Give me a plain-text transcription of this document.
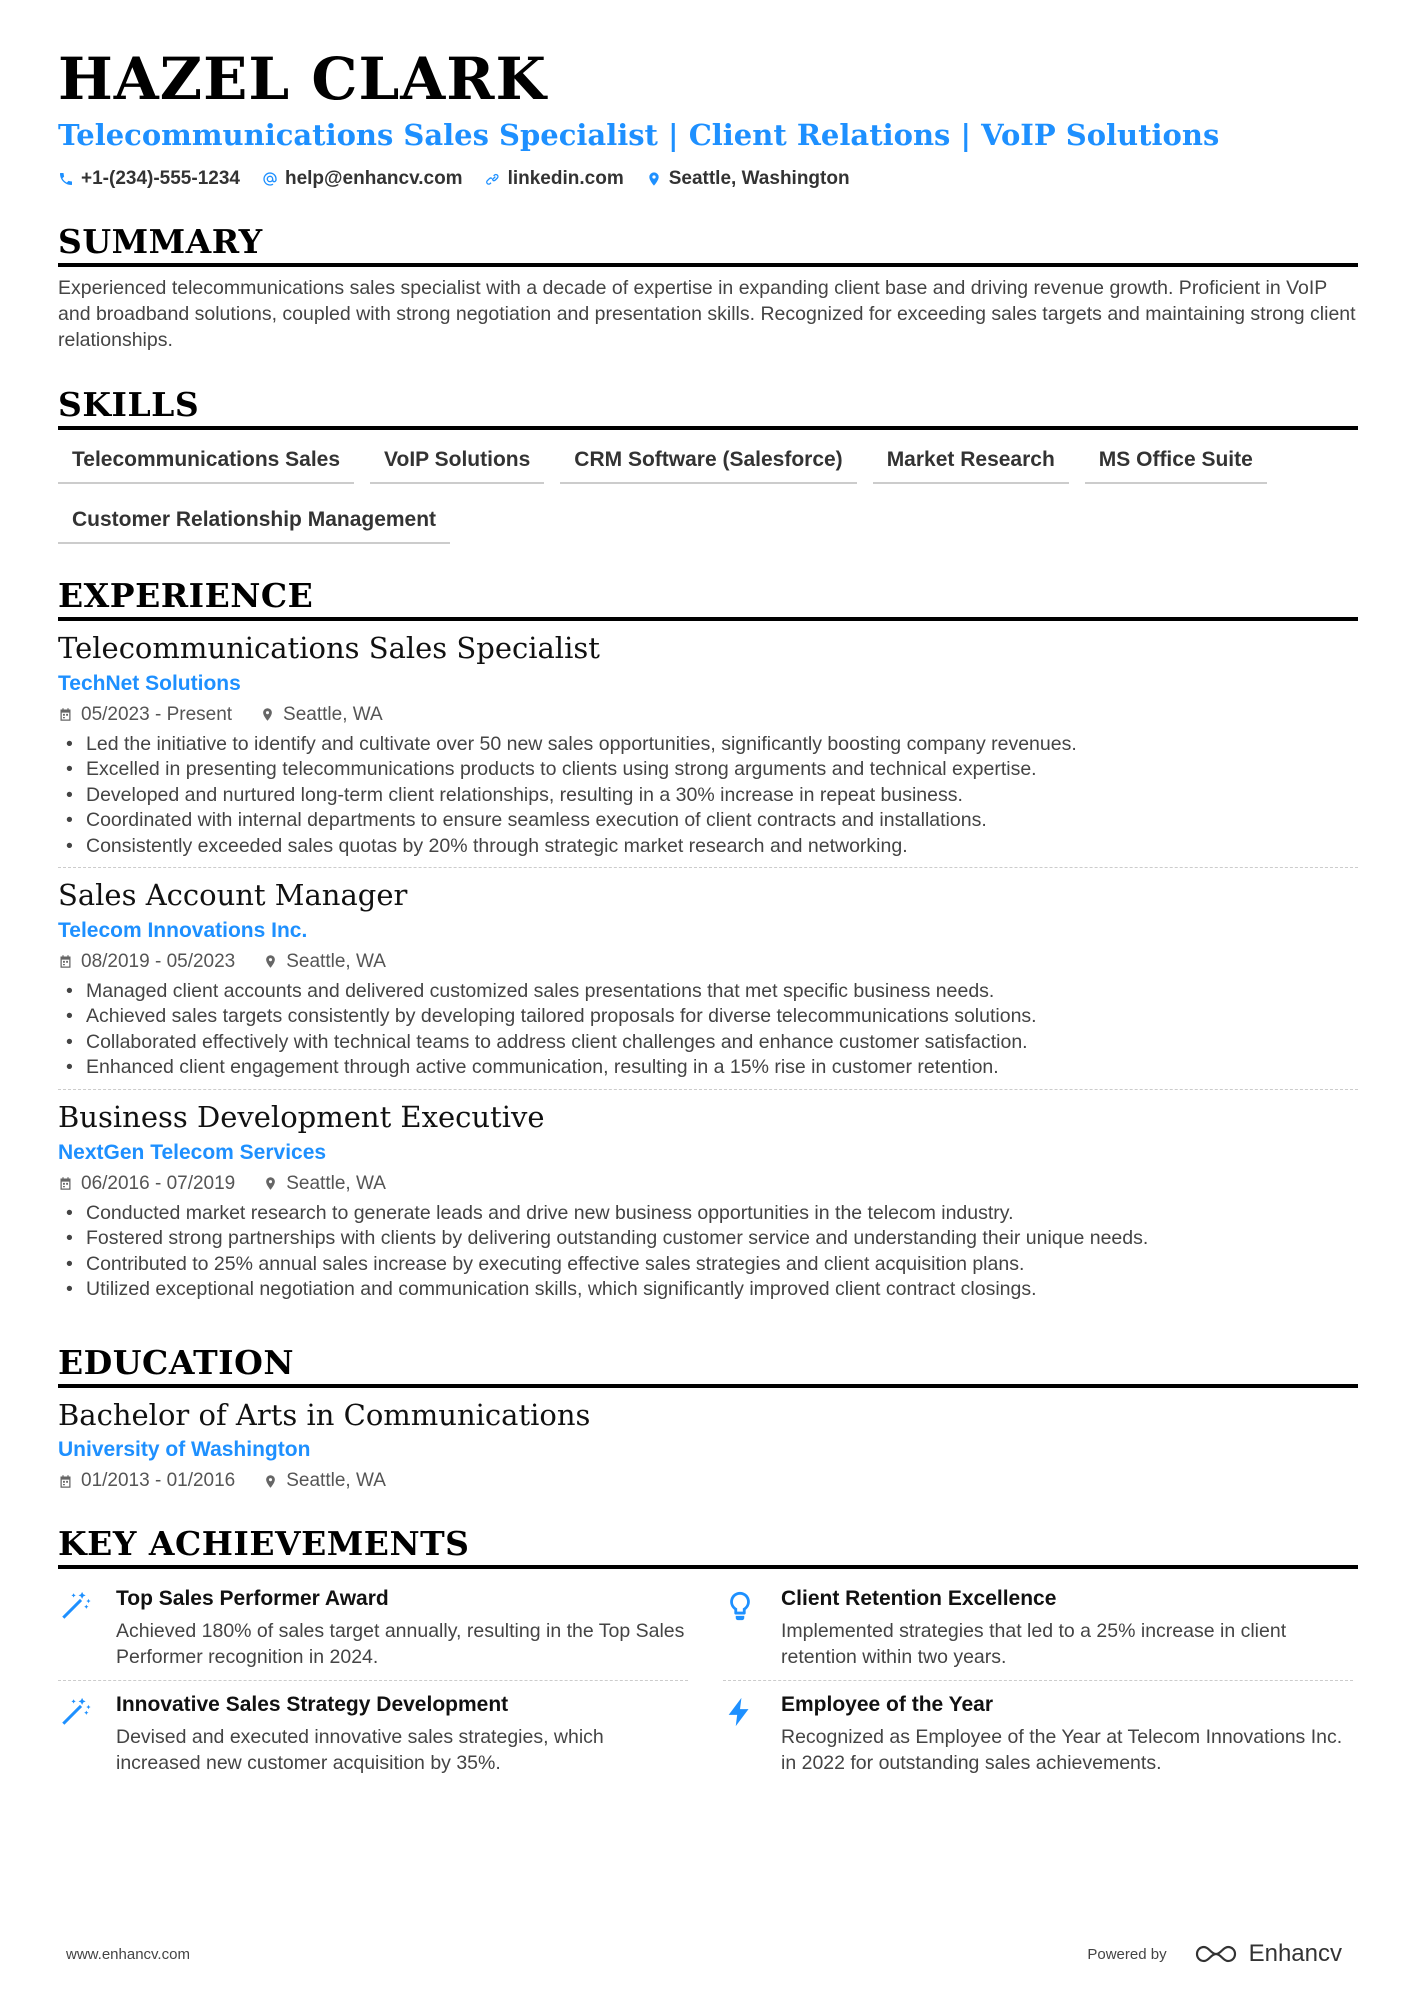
HAZEL CLARK
Telecommunications Sales Specialist | Client Relations | VoIP Solutions
+1-(234)-555-1234 help@enhancv.com linkedin.com Seattle, Washington
SUMMARY

Experienced telecommunications sales specialist with a decade of expertise in expanding client base and driving revenue growth. Proficient in VoIP and broadband solutions, coupled with strong negotiation and presentation skills. Recognized for exceeding sales targets and maintaining strong client relationships.

SKILLS
Telecommunications Sales	VoIP Solutions	CRM Software (Salesforce)	Market Research	MS Office Suite
Customer Relationship Management
EXPERIENCE
Telecommunications Sales Specialist
TechNet Solutions
05/2023 - Present	Seattle, WA
• Led the initiative to identify and cultivate over 50 new sales opportunities, significantly boosting company revenues.
• Excelled in presenting telecommunications products to clients using strong arguments and technical expertise.
• Developed and nurtured long-term client relationships, resulting in a 30% increase in repeat business.
• Coordinated with internal departments to ensure seamless execution of client contracts and installations.
• Consistently exceeded sales quotas by 20% through strategic market research and networking.
Sales Account Manager
Telecom Innovations Inc.
08/2019 - 05/2023	Seattle, WA
• Managed client accounts and delivered customized sales presentations that met specific business needs.
• Achieved sales targets consistently by developing tailored proposals for diverse telecommunications solutions.
• Collaborated effectively with technical teams to address client challenges and enhance customer satisfaction.
• Enhanced client engagement through active communication, resulting in a 15% rise in customer retention.
Business Development Executive
NextGen Telecom Services
06/2016 - 07/2019	Seattle, WA
• Conducted market research to generate leads and drive new business opportunities in the telecom industry.
• Fostered strong partnerships with clients by delivering outstanding customer service and understanding their unique needs.
• Contributed to 25% annual sales increase by executing effective sales strategies and client acquisition plans.
• Utilized exceptional negotiation and communication skills, which significantly improved client contract closings.
EDUCATION
Bachelor of Arts in Communications
University of Washington
01/2013 - 01/2016	Seattle, WA
KEY ACHIEVEMENTS
Top Sales Performer Award
Achieved 180% of sales target annually, resulting in the Top Sales Performer recognition in 2024.
Client Retention Excellence
Implemented strategies that led to a 25% increase in client retention within two years.
Innovative Sales Strategy Development
Devised and executed innovative sales strategies, which increased new customer acquisition by 35%.
Employee of the Year
Recognized as Employee of the Year at Telecom Innovations Inc. in 2022 for outstanding sales achievements.
www.enhancv.com	Powered by	Enhancv
